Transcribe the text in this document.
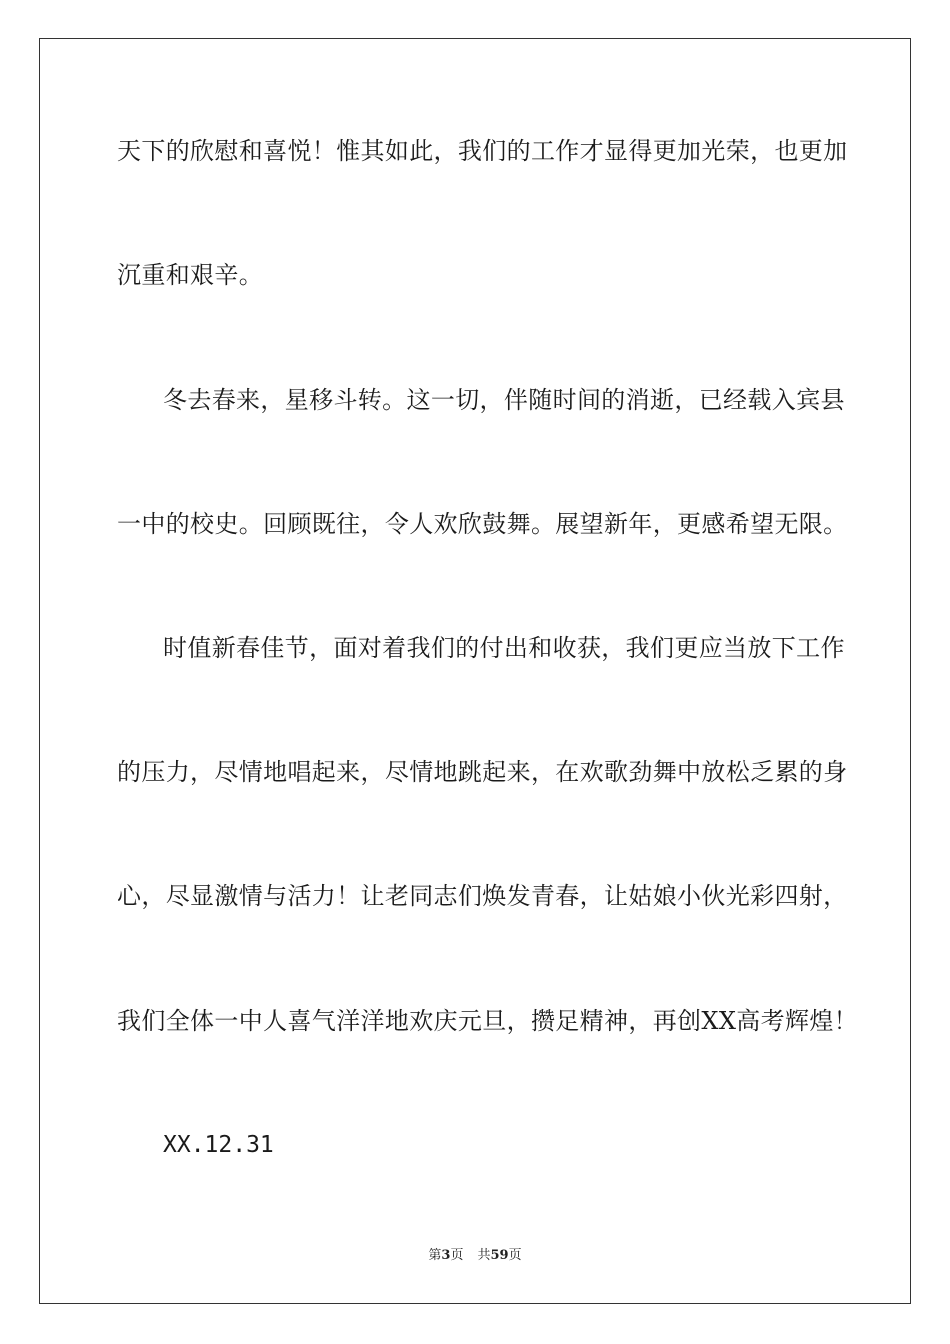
天下的欣慰和喜悦！惟其如此，我们的工作才显得更加光荣，也更加
沉重和艰辛。
冬去春来，星移斗转。这一切，伴随时间的消逝，已经载入宾县
一中的校史。回顾既往，令人欢欣鼓舞。展望新年，更感希望无限。
时值新春佳节，面对着我们的付出和收获，我们更应当放下工作
的压力，尽情地唱起来，尽情地跳起来，在欢歌劲舞中放松乏累的身
心，尽显激情与活力！让老同志们焕发青春，让姑娘小伙光彩四射，
我们全体一中人喜气洋洋地欢庆元旦，攒足精神，再创XX高考辉煌！
XX.12.31
第3页 共59页
